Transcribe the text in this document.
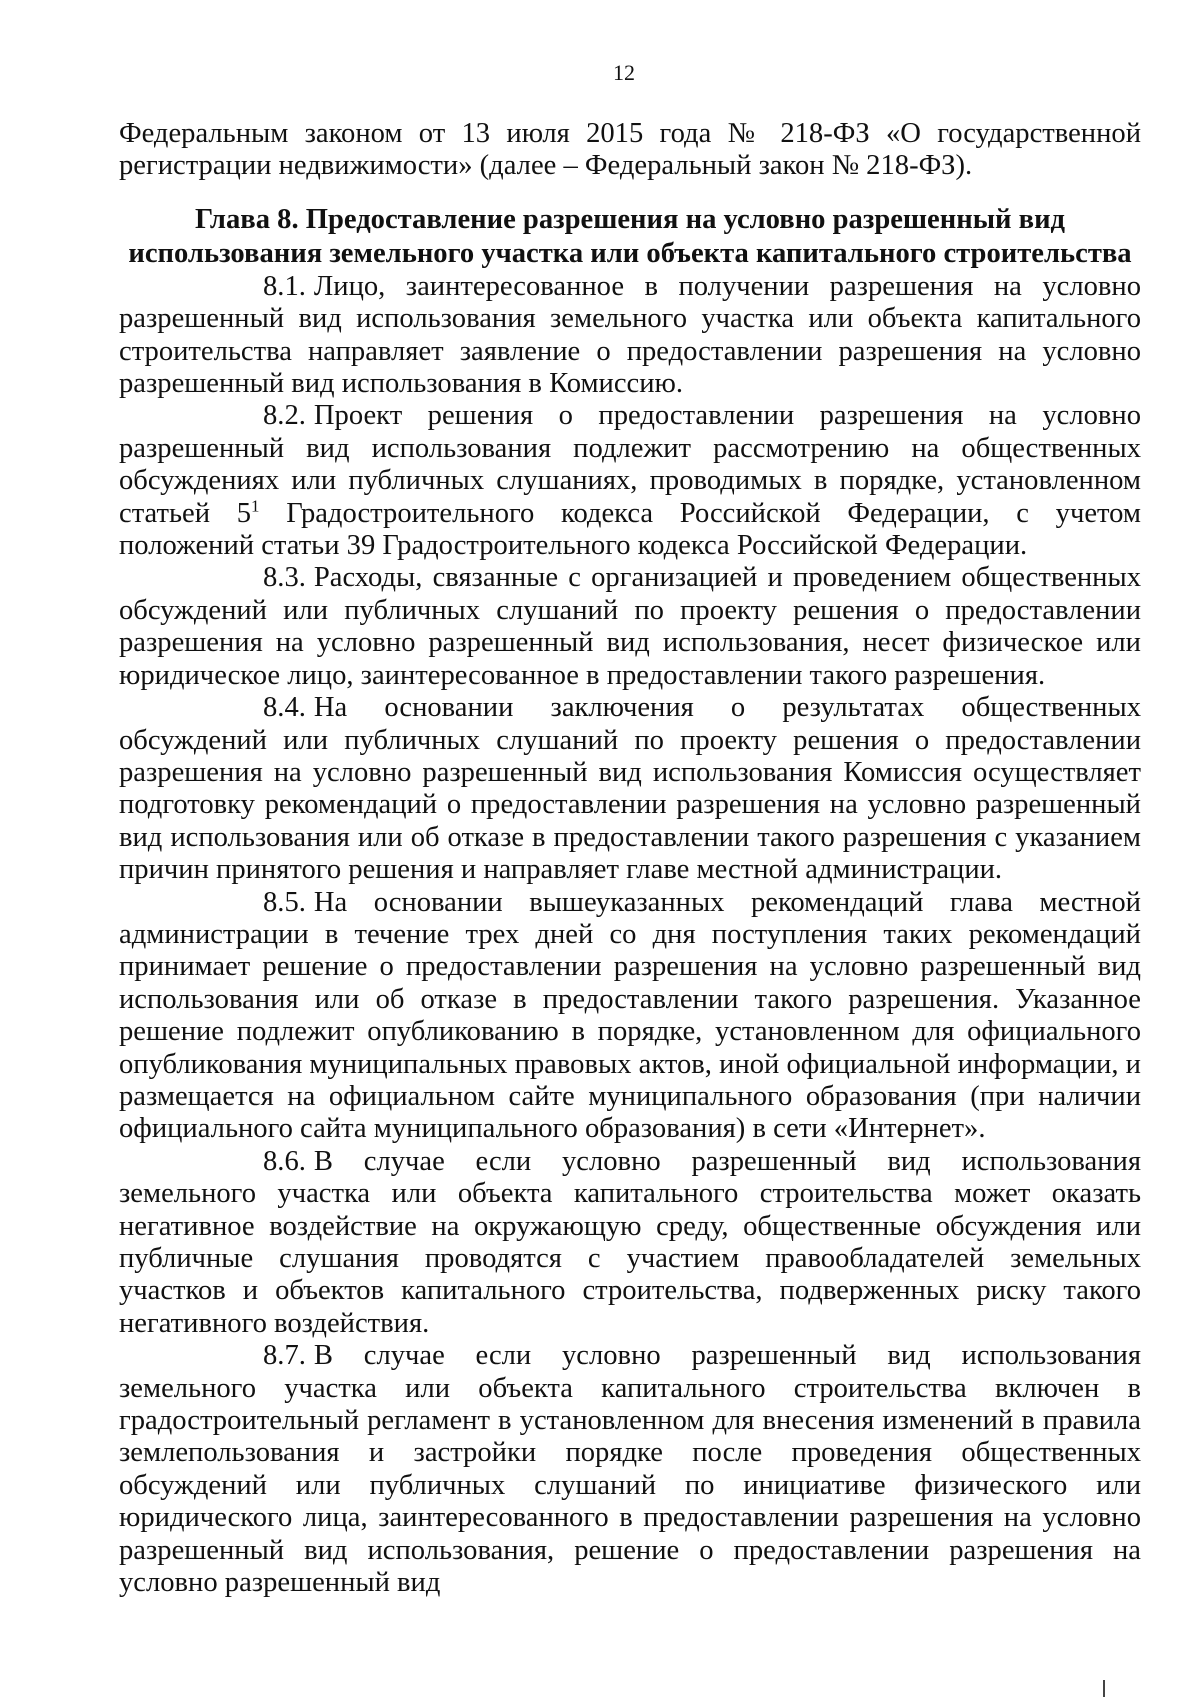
12

Федеральным законом от 13 июля 2015 года № 218-ФЗ «О государственной регистрации недвижимости» (далее – Федеральный закон № 218-ФЗ).

Глава 8. Предоставление разрешения на условно разрешенный вид использования земельного участка или объекта капитального строительства

8.1. Лицо, заинтересованное в получении разрешения на условно разрешенный вид использования земельного участка или объекта капитального строительства направляет заявление о предоставлении разрешения на условно разрешенный вид использования в Комиссию.

8.2. Проект решения о предоставлении разрешения на условно разрешенный вид использования подлежит рассмотрению на общественных обсуждениях или публичных слушаниях, проводимых в порядке, установленном статьей $5^1$ Градостроительного кодекса Российской Федерации, с учетом положений статьи 39 Градостроительного кодекса Российской Федерации.

8.3. Расходы, связанные с организацией и проведением общественных обсуждений или публичных слушаний по проекту решения о предоставлении разрешения на условно разрешенный вид использования, несет физическое или юридическое лицо, заинтересованное в предоставлении такого разрешения.

8.4. На основании заключения о результатах общественных обсуждений или публичных слушаний по проекту решения о предоставлении разрешения на условно разрешенный вид использования Комиссия осуществляет подготовку рекомендаций о предоставлении разрешения на условно разрешенный вид использования или об отказе в предоставлении такого разрешения с указанием причин принятого решения и направляет главе местной администрации.

8.5. На основании вышеуказанных рекомендаций глава местной администрации в течение трех дней со дня поступления таких рекомендаций принимает решение о предоставлении разрешения на условно разрешенный вид использования или об отказе в предоставлении такого разрешения. Указанное решение подлежит опубликованию в порядке, установленном для официального опубликования муниципальных правовых актов, иной официальной информации, и размещается на официальном сайте муниципального образования (при наличии официального сайта муниципального образования) в сети «Интернет».

8.6. В случае если условно разрешенный вид использования земельного участка или объекта капитального строительства может оказать негативное воздействие на окружающую среду, общественные обсуждения или публичные слушания проводятся с участием правообладателей земельных участков и объектов капитального строительства, подверженных риску такого негативного воздействия.

8.7. В случае если условно разрешенный вид использования земельного участка или объекта капитального строительства включен в градостроительный регламент в установленном для внесения изменений в правила землепользования и застройки порядке после проведения общественных обсуждений или публичных слушаний по инициативе физического или юридического лица, заинтересованного в предоставлении разрешения на условно разрешенный вид использования, решение о предоставлении разрешения на условно разрешенный вид
